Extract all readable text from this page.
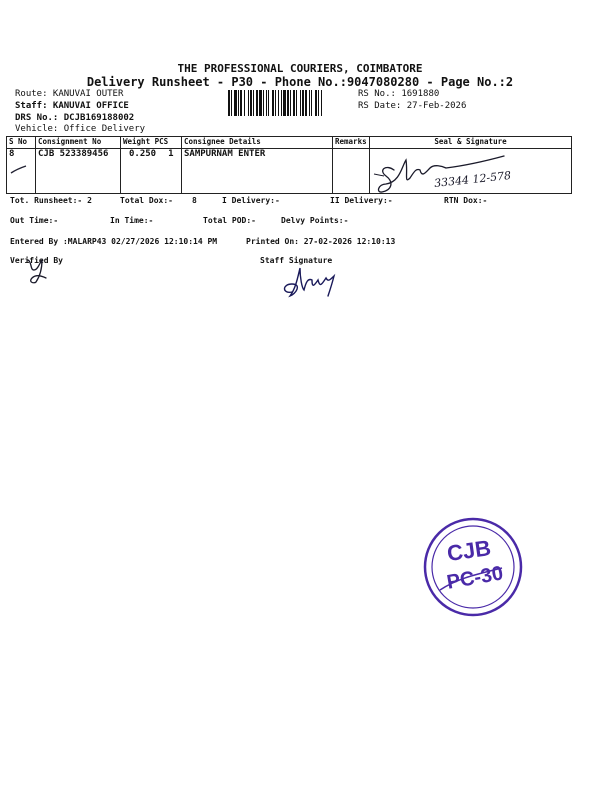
THE PROFESSIONAL COURIERS, COIMBATORE
Delivery Runsheet - P30 - Phone No.:9047080280 - Page No.:2
Route: KANUVAI OUTER
Staff: KANUVAI OFFICE
DRS No.: DCJB169188002
Vehicle: Office Delivery
RS No.: 1691880
RS Date: 27-Feb-2026
S No	Consignment No	Weight PCS	Consignee Details	Remarks	Seal & Signature
8	CJB 523389456	0.250 1	SAMPURNAM ENTER		
33344 12-578
Tot. Runsheet:- 2	Total Dox:- 8	I Delivery:-	II Delivery:-	RTN Dox:-
Out Time:-	In Time:-	Total POD:-	Delvy Points:-
Entered By :MALARP43 02/27/2026 12:10:14 PM	Printed On: 27-02-2026 12:10:13
Verified By	Staff Signature
CJB
PC-30
